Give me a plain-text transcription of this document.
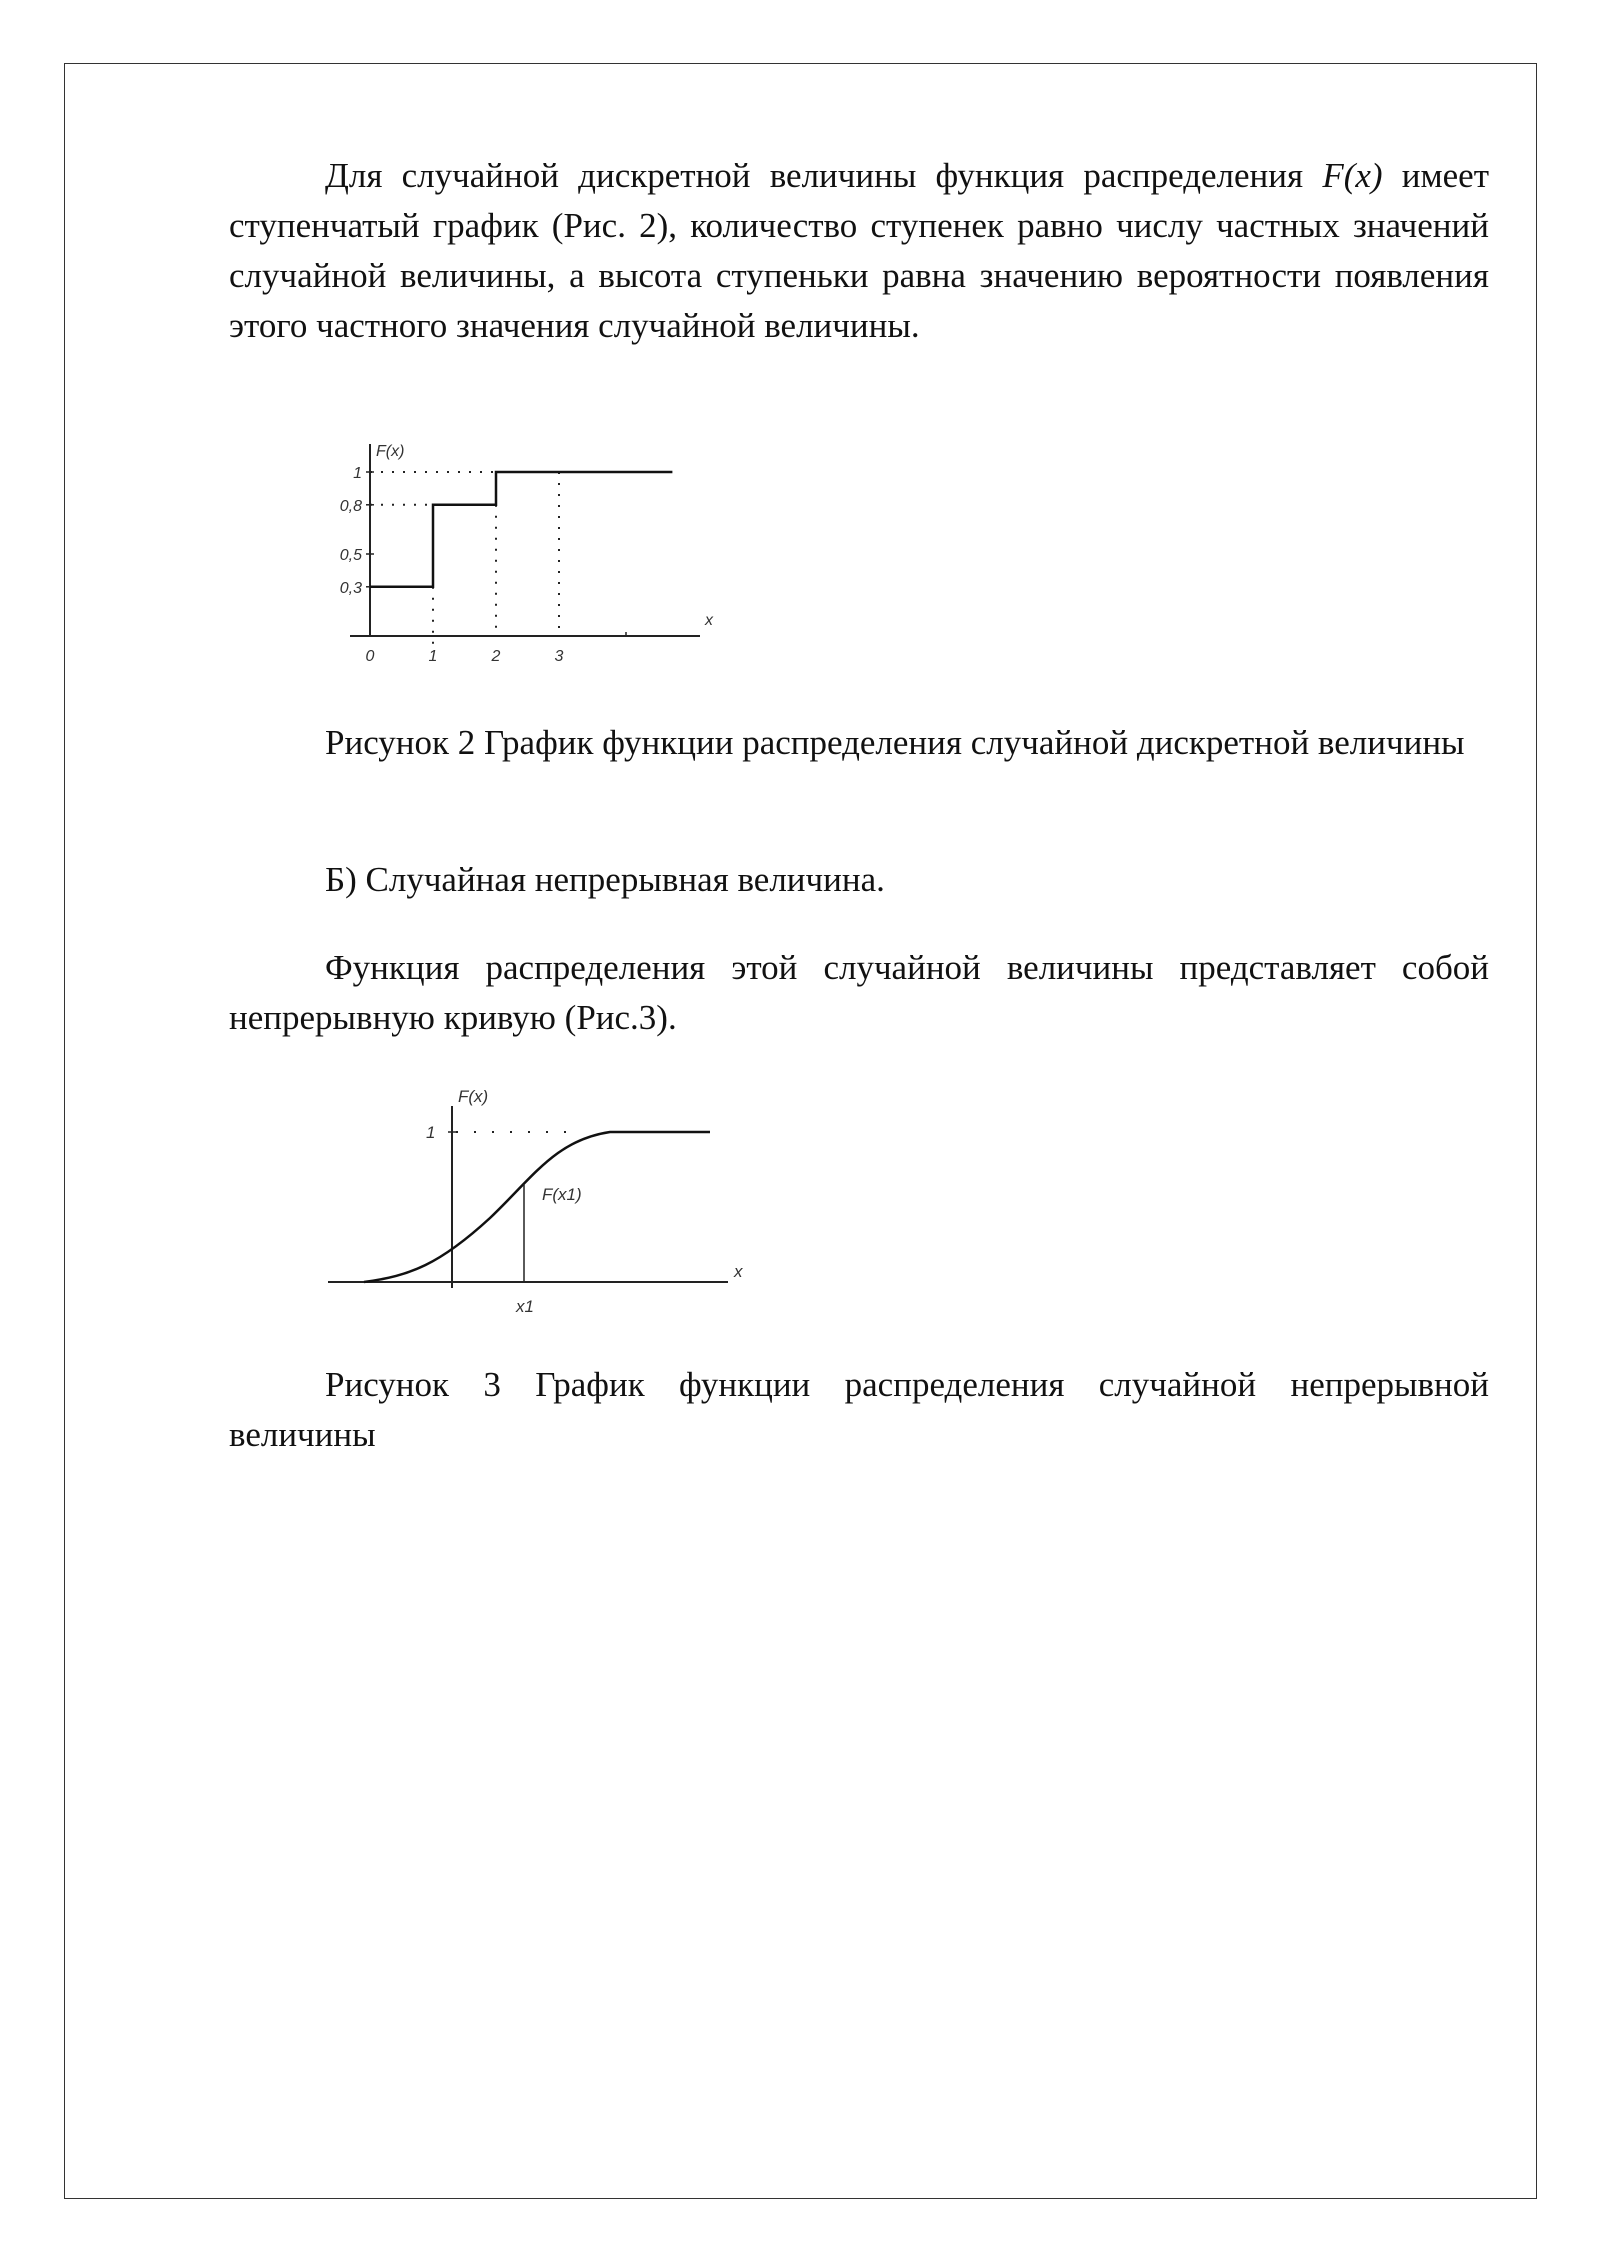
Для случайной дискретной величины функция распределения F(x) имеет ступенчатый график (Рис. 2), количество ступенек равно числу частных значений случайной величины, а высота ступеньки равна значению вероятности появления этого частного значения случайной величины.

F(x)
x
0,3
0,5
0,8
1
0	1	2	3

Рисунок 2 График функции распределения случайной дискретной величины

Б) Случайная непрерывная величина.

Функция распределения этой случайной величины представляет собой непрерывную кривую (Рис.3).

F(x)
x
1
x1
F(x1)

Рисунок 3 График функции распределения случайной непрерывной величины
